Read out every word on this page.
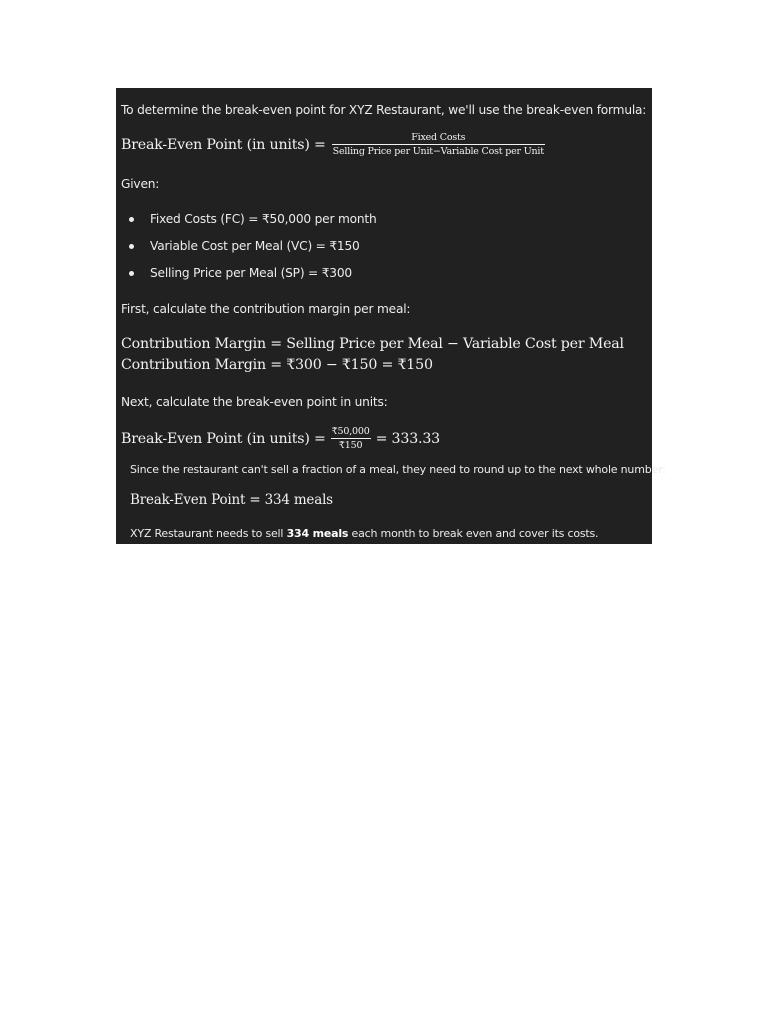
To determine the break-even point for XYZ Restaurant, we'll use the break-even formula:
Break-Even Point (in units) = $\frac{\text{Fixed Costs}}{\text{Selling Price per Unit−Variable Cost per Unit}}$
Given:
Fixed Costs (FC) = ₹50,000 per month
Variable Cost per Meal (VC) = ₹150
Selling Price per Meal (SP) = ₹300
First, calculate the contribution margin per meal:
Contribution Margin = Selling Price per Meal − Variable Cost per Meal
Contribution Margin = ₹300 − ₹150 = ₹150
Next, calculate the break-even point in units:
Break-Even Point (in units) = $\frac{₹50,000}{₹150} = 333.33$
Since the restaurant can't sell a fraction of a meal, they need to round up to the next whole number:
Break-Even Point = 334 meals
XYZ Restaurant needs to sell 334 meals each month to break even and cover its costs.
